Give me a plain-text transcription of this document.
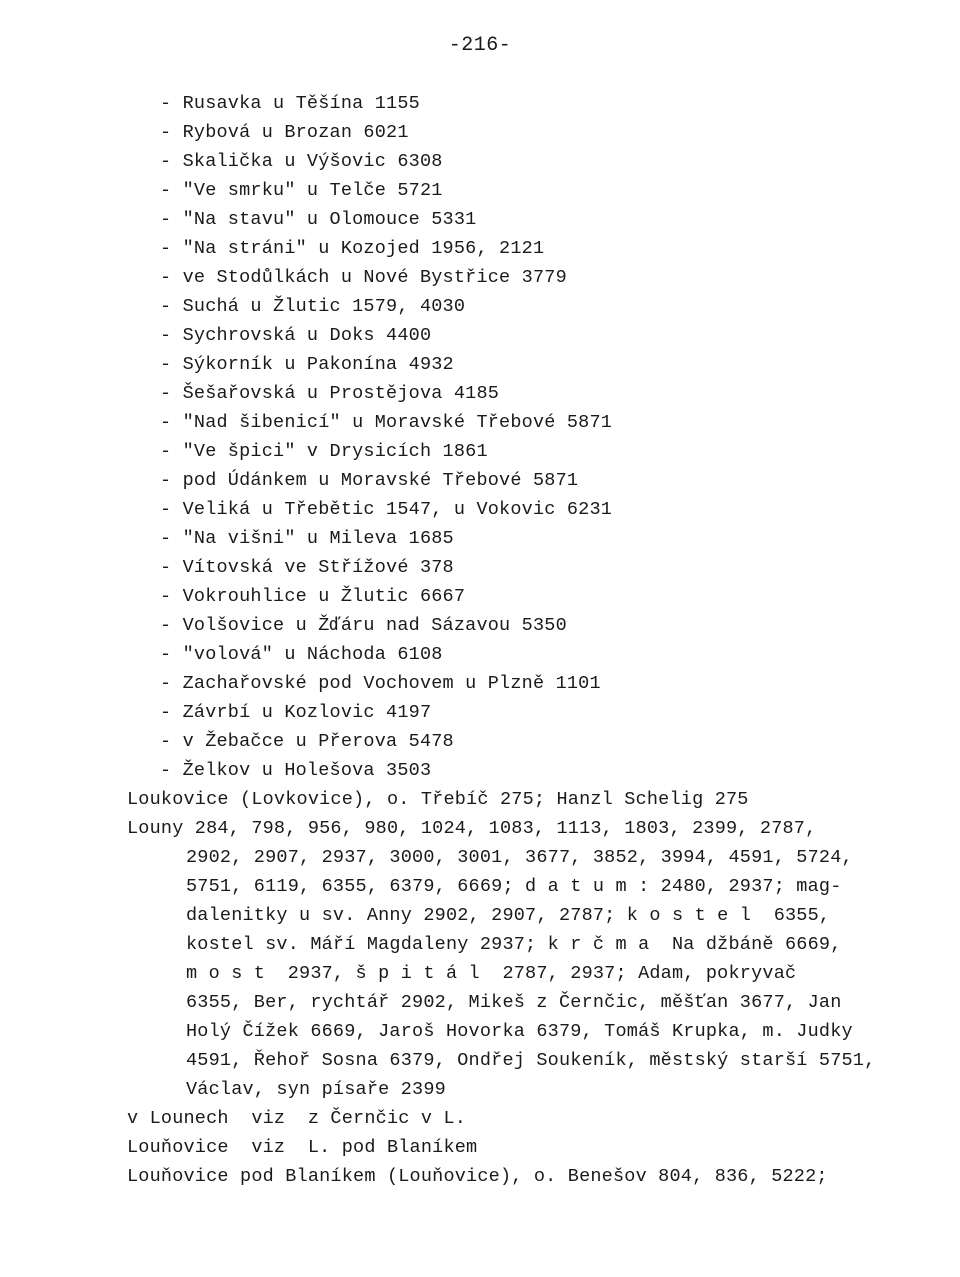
-216-
- Rusavka u Těšína 1155
- Rybová u Brozan 6021
- Skalička u Výšovic 6308
- "Ve smrku" u Telče 5721
- "Na stavu" u Olomouce 5331
- "Na stráni" u Kozojed 1956, 2121
- ve Stodůlkách u Nové Bystřice 3779
- Suchá u Žlutic 1579, 4030
- Sychrovská u Doks 4400
- Sýkorník u Pakonína 4932
- Šešařovská u Prostějova 4185
- "Nad šibenicí" u Moravské Třebové 5871
- "Ve špici" v Drysicích 1861
- pod Údánkem u Moravské Třebové 5871
- Veliká u Třebětic 1547, u Vokovic 6231
- "Na višni" u Mileva 1685
- Vítovská ve Střížové 378
- Vokrouhlice u Žlutic 6667
- Volšovice u Žďáru nad Sázavou 5350
- "volová" u Náchoda 6108
- Zachařovské pod Vochovem u Plzně 1101
- Závrbí u Kozlovic 4197
- v Žebačce u Přerova 5478
- Želkov u Holešova 3503
Loukovice (Lovkovice), o. Třebíč 275; Hanzl Schelig 275
Louny 284, 798, 956, 980, 1024, 1083, 1113, 1803, 2399, 2787,
2902, 2907, 2937, 3000, 3001, 3677, 3852, 3994, 4591, 5724,
5751, 6119, 6355, 6379, 6669; d a t u m : 2480, 2937; mag-
dalenitky u sv. Anny 2902, 2907, 2787; k o s t e l  6355,
kostel sv. Máří Magdaleny 2937; k r č m a  Na džbáně 6669,
m o s t  2937, š p i t á l  2787, 2937; Adam, pokryvač
6355, Ber, rychtář 2902, Mikeš z Černčic, měšťan 3677, Jan
Holý Čížek 6669, Jaroš Hovorka 6379, Tomáš Krupka, m. Judky
4591, Řehoř Sosna 6379, Ondřej Soukeník, městský starší 5751,
Václav, syn písaře 2399
v Lounech  viz  z Černčic v L.
Louňovice  viz  L. pod Blaníkem
Louňovice pod Blaníkem (Louňovice), o. Benešov 804, 836, 5222;
